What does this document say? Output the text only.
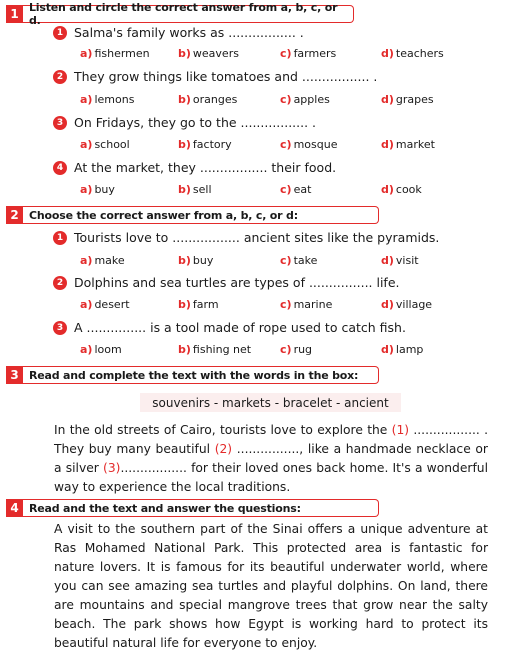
1 Listen and circle the correct answer from a, b, c, or d.
1 Salma's family works as ................. .
a) fishermen	b) weavers	c) farmers	d) teachers
2 They grow things like tomatoes and ................. .
a) lemons	b) oranges	c) apples	d) grapes
3 On Fridays, they go to the ................. .
a) school	b) factory	c) mosque	d) market
4 At the market, they ................. their food.
a) buy	b) sell	c) eat	d) cook
2 Choose the correct answer from a, b, c, or d:
1 Tourists love to ................. ancient sites like the pyramids.
a) make	b) buy	c) take	d) visit
2 Dolphins and sea turtles are types of ................ life.
a) desert	b) farm	c) marine	d) village
3 A ............... is a tool made of rope used to catch fish.
a) loom	b) fishing net	c) rug	d) lamp
3 Read and complete the text with the words in the box:
souvenirs - markets - bracelet - ancient
In the old streets of Cairo, tourists love to explore the (1) ................. . They buy many beautiful (2) ................, like a handmade necklace or a silver (3)................. for their loved ones back home. It's a wonderful way to experience the local traditions.
4 Read and the text and answer the questions:
A visit to the southern part of the Sinai offers a unique adventure at Ras Mohamed National Park. This protected area is fantastic for nature lovers. It is famous for its beautiful underwater world, where you can see amazing sea turtles and playful dolphins. On land, there are mountains and special mangrove trees that grow near the salty beach. The park shows how Egypt is working hard to protect its beautiful natural life for everyone to enjoy.
